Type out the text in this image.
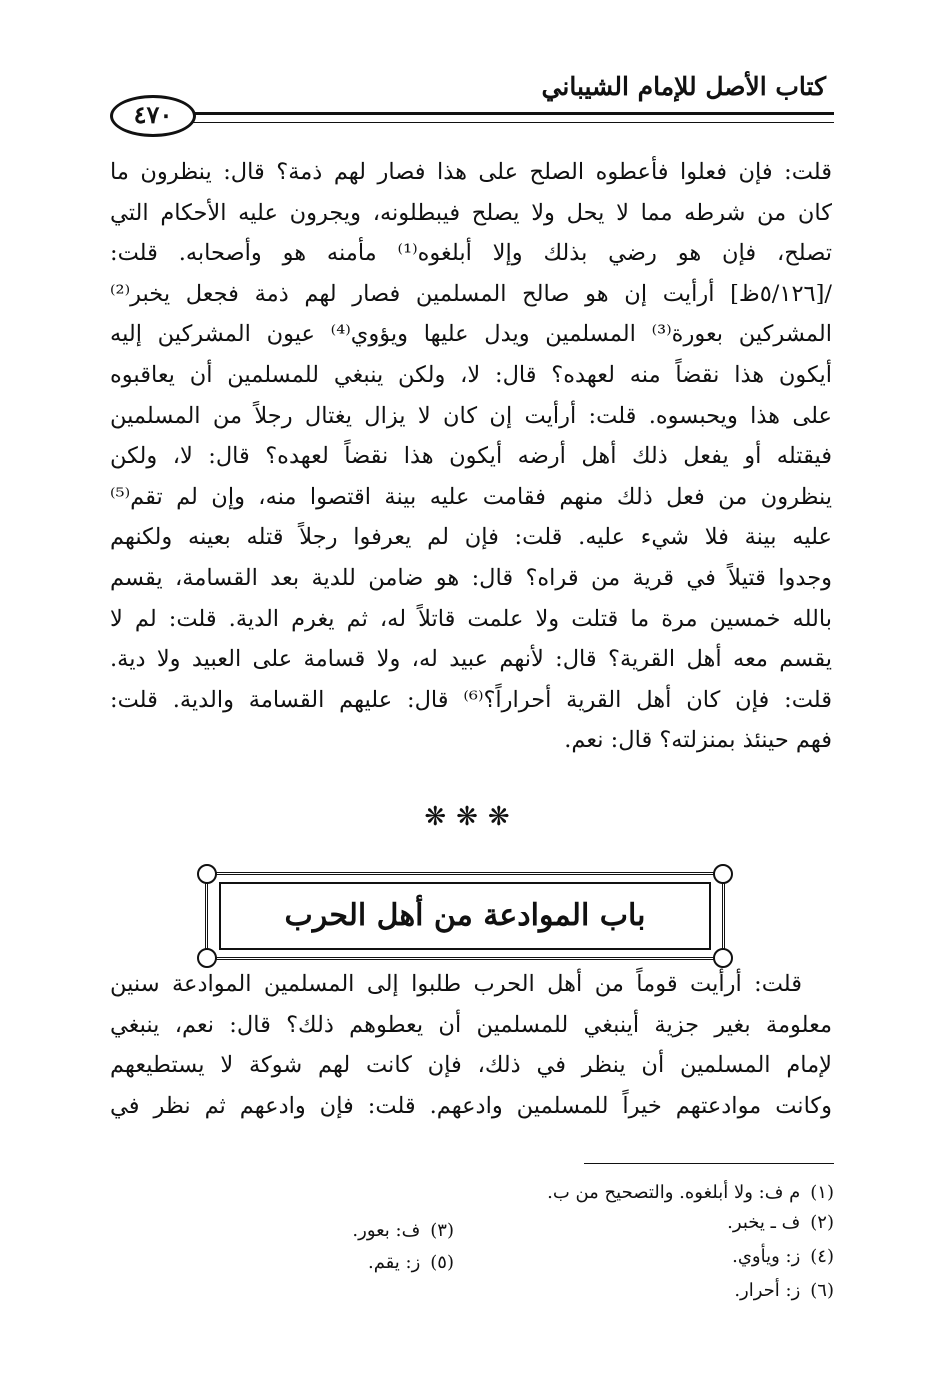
كتاب الأصل للإمام الشيباني
٤٧٠
قلت: فإن فعلوا فأعطوه الصلح على هذا فصار لهم ذمة؟ قال: ينظرون ما
كان من شرطه مما لا يحل ولا يصلح فيبطلونه، ويجرون عليه الأحكام التي
تصلح، فإن هو رضي بذلك وإلا أبلغوه⁽¹⁾ مأمنه هو وأصحابه. قلت:
/[٥/١٢٦ظ] أرأيت إن هو صالح المسلمين فصار لهم ذمة فجعل يخبر⁽²⁾
المشركين بعورة⁽³⁾ المسلمين ويدل عليها ويؤوي⁽⁴⁾ عيون المشركين إليه
أيكون هذا نقضاً منه لعهده؟ قال: لا، ولكن ينبغي للمسلمين أن يعاقبوه
على هذا ويحبسوه. قلت: أرأيت إن كان لا يزال يغتال رجلاً من المسلمين
فيقتله أو يفعل ذلك أهل أرضه أيكون هذا نقضاً لعهده؟ قال: لا، ولكن
ينظرون من فعل ذلك منهم فقامت عليه بينة اقتصوا منه، وإن لم تقم⁽⁵⁾
عليه بينة فلا شيء عليه. قلت: فإن لم يعرفوا رجلاً قتله بعينه ولكنهم
وجدوا قتيلاً في قرية من قراه؟ قال: هو ضامن للدية بعد القسامة، يقسم
بالله خمسين مرة ما قتلت ولا علمت قاتلاً له، ثم يغرم الدية. قلت: لم لا
يقسم معه أهل القرية؟ قال: لأنهم عبيد له، ولا قسامة على العبيد ولا دية.
قلت: فإن كان أهل القرية أحراراً؟⁽⁶⁾ قال: عليهم القسامة والدية. قلت:
فهم حينئذ بمنزلته؟ قال: نعم.
❋❋❋
باب الموادعة من أهل الحرب
قلت: أرأيت قوماً من أهل الحرب طلبوا إلى المسلمين الموادعة سنين
معلومة بغير جزية أينبغي للمسلمين أن يعطوهم ذلك؟ قال: نعم، ينبغي
لإمام المسلمين أن ينظر في ذلك، فإن كانت لهم شوكة لا يستطيعهم
وكانت موادعتهم خيراً للمسلمين وادعهم. قلت: فإن وادعهم ثم نظر في
(١)م ف: ولا أبلغوه. والتصحيح من ب.
(٢)ف ـ يخبر.
(٣)ف: بعور.
(٤)ز: ويأوي.
(٥)ز: يقم.
(٦)ز: أحرار.
